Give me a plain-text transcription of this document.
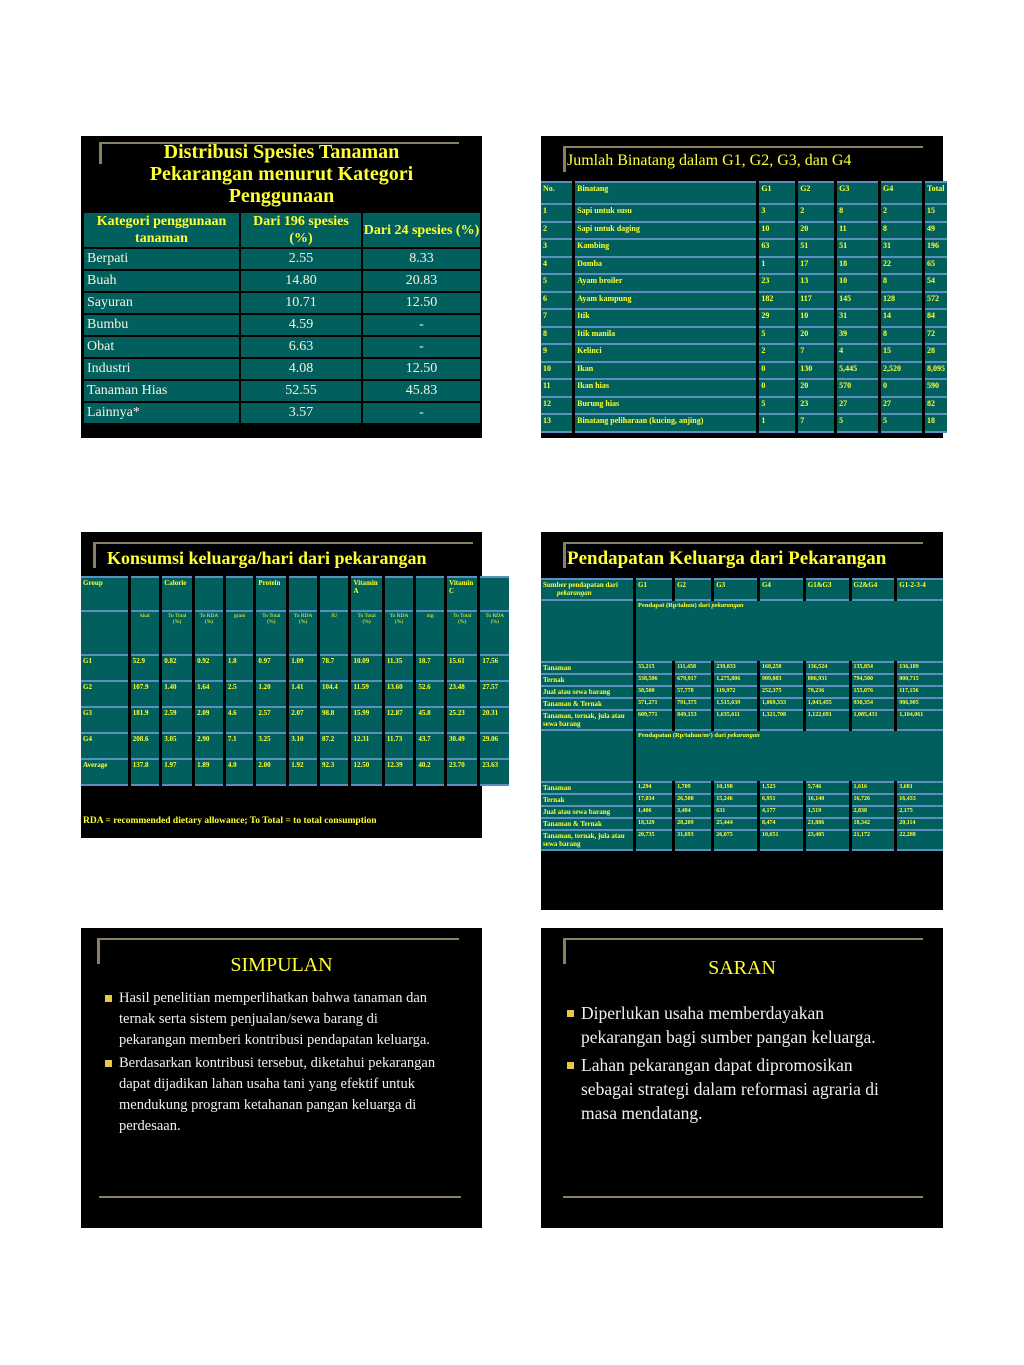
Distribusi Spesies Tanaman
Pekarangan menurut Kategori
Penggunaan
Kategori penggunaan tanaman	Dari 196 spesies (%)	Dari 24 spesies (%)
Berpati	2.55	8.33
Buah	14.80	20.83
Sayuran	10.71	12.50
Bumbu	4.59	-
Obat	6.63	-
Industri	4.08	12.50
Tanaman Hias	52.55	45.83
Lainnya*	3.57	-
Jumlah Binatang dalam G1, G2, G3, dan G4
No.	Binatang	G1	G2	G3	G4	Total
1	Sapi untuk susu	3	2	8	2	15
2	Sapi untuk daging	10	20	11	8	49
3	Kambing	63	51	51	31	196
4	Domba	1	17	18	22	65
5	Ayam broiler	23	13	10	8	54
6	Ayam kampung	182	117	145	128	572
7	Itik	29	10	31	14	84
8	Itik manila	5	20	39	8	72
9	Kelinci	2	7	4	15	28
10	Ikan	0	130	5,445	2,520	8,095
11	Ikan hias	0	20	570	0	590
12	Burung hias	5	23	27	27	82
13	Binatang peliharaan (kucing, anjing)	1	7	5	5	18
Konsumsi keluarga/hari dari pekarangan
Group		Calorie			Protein			Vitamin A			Vitamin C	
	kkal	To Total (%)	To RDA (%)	gram	To Total (%)	To RDA (%)	IU	To Total (%)	To RDA (%)	mg	To Total (%)	To RDA (%)
G1	52.9	0.82	0.92	1.8	0.97	1.09	78.7	10.09	11.35	18.7	15.61	17.56
G2	107.9	1.40	1.64	2.5	1.20	1.41	104.4	11.59	13.60	52.6	23.48	27.57
G3	181.9	2.59	2.09	4.6	2.57	2.07	98.8	15.99	12.87	45.8	25.23	20.31
G4	208.6	3.05	2.90	7.1	3.25	3.10	87.2	12.31	11.73	43.7	30.49	29.06
Average	137.8	1.97	1.89	4.0	2.00	1.92	92.3	12.50	12.39	40.2	23.70	23.63
RDA = recommended dietary allowance; To Total = to total consumption
Pendapatan Keluarga dari Pekarangan
Sumber pendapatan dari
pekarangan	G1	G2	G3	G4	G1&G3	G2&G4	G1-2-3-4
	Pendapat (Rp/tahun) dari pekarangan						
Tanaman	33,215	111,458	239,833	168,250	136,524	135,854	136,189
Ternak	338,506	679,917	1,275,806	909,083	806,931	794,500	800,715
Jual atau sewa barang	38,500	57,778	119,972	252,375	79,236	155,076	117,156
Tanaman & Ternak	371,271	791,375	1,515,639	1,069,333	1,043,455	930,354	986,905
Tanaman, ternak, jula atau sewa barang	609,771	849,153	1,635,611	1,321,708	1,122,691	1,085,431	1,104,061
	Pendapatan (Rp/tahun/m²) dari pekarangan						
Tanaman	1,294	1,709	10,198	1,523	5,746	1,616	3,681
Ternak	17,034	26,500	15,246	6,951	16,140	16,726	16,433
Jual atau sewa barang	1,406	3,484	631	4,177	1,519	2,838	2,175
Tanaman & Ternak	18,329	28,209	25,444	8,474	21,886	18,342	20,114
Tanaman, ternak, jula atau sewa barang	20,735	31,693	26,075	10,651	23,405	21,172	22,288
SIMPULAN
Hasil penelitian memperlihatkan bahwa tanaman dan ternak serta sistem penjualan/sewa barang di pekarangan memberi kontribusi pendapatan keluarga.
Berdasarkan kontribusi tersebut, diketahui pekarangan dapat dijadikan lahan usaha tani yang efektif untuk mendukung program ketahanan pangan keluarga di perdesaan.
SARAN
Diperlukan usaha memberdayakan pekarangan bagi sumber pangan keluarga.
Lahan pekarangan dapat dipromosikan sebagai strategi dalam reformasi agraria di masa mendatang.
